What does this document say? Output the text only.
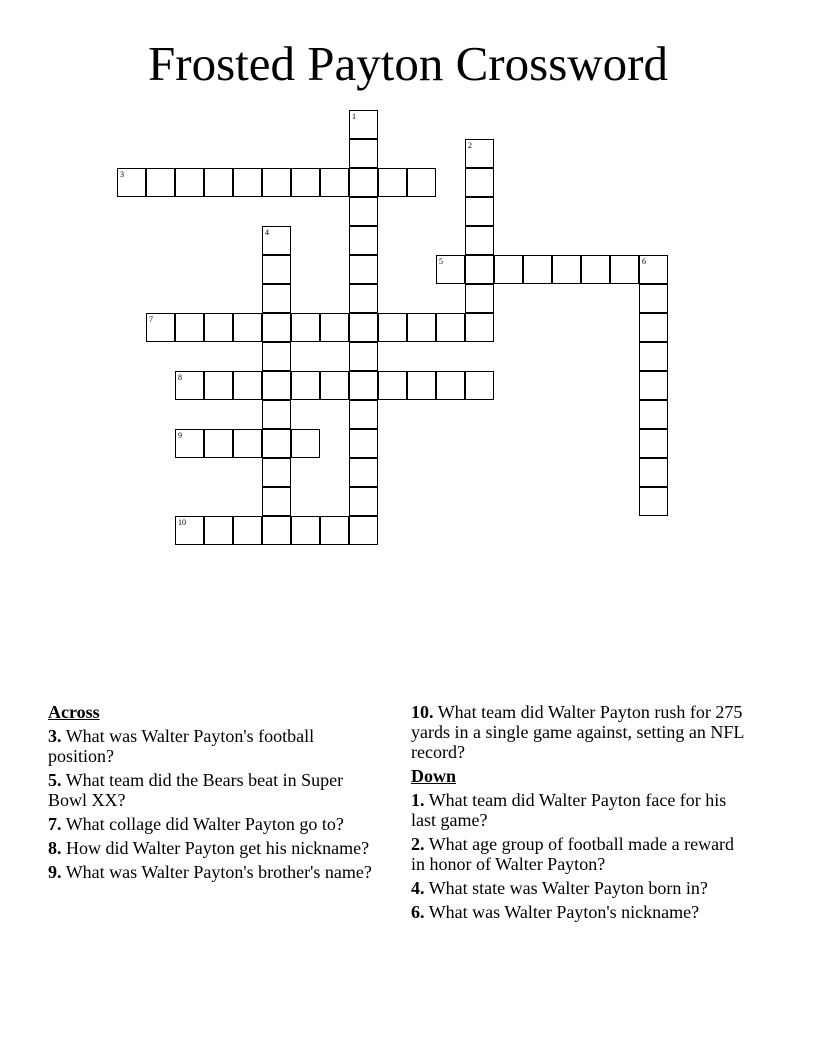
Frosted Payton Crossword
1
2
3
4
5	6
7
8
9
10
Across
3. What was Walter Payton's football position?
5. What team did the Bears beat in Super Bowl XX?
7. What collage did Walter Payton go to?
8. How did Walter Payton get his nickname?
9. What was Walter Payton's brother's name?
10. What team did Walter Payton rush for 275 yards in a single game against, setting an NFL record?
Down
1. What team did Walter Payton face for his last game?
2. What age group of football made a reward in honor of Walter Payton?
4. What state was Walter Payton born in?
6. What was Walter Payton's nickname?
